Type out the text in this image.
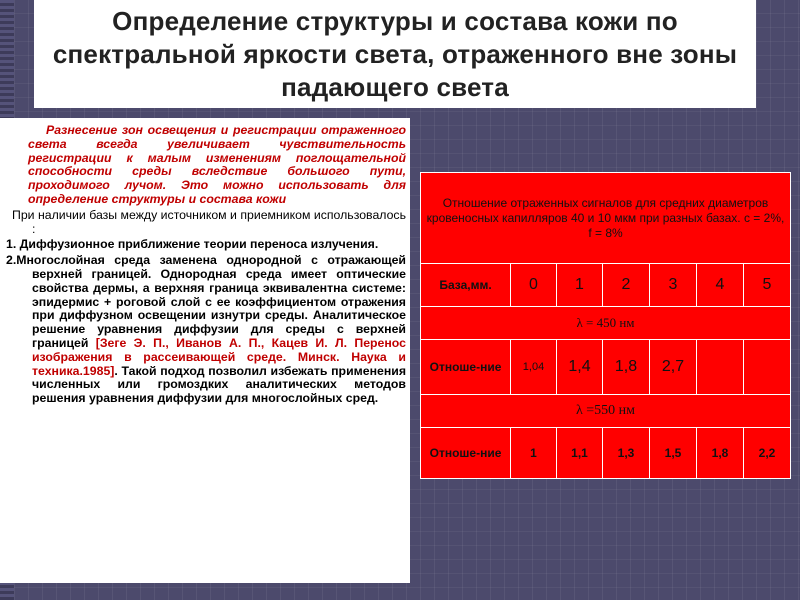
Определение структуры и состава кожи по спектральной яркости света, отраженного вне зоны падающего света

Разнесение зон освещения и регистрации отраженного света всегда увеличивает чувствительность регистрации к малым изменениям поглощательной способности среды вследствие большого пути, проходимого лучом. Это можно использовать для определение структуры и состава кожи

При наличии базы между источником и приемником использовалось :

1. Диффузионное приближение теории переноса излучения.

2.Многослойная среда заменена однородной с отражающей верхней границей. Однородная среда имеет оптические свойства дермы, а верхняя граница эквивалентна системе: эпидермис + роговой слой с ее коэффициентом отражения при диффузном освещении изнутри среды. Аналитическое решение уравнения диффузии для среды с верхней границей [Зеге Э. П., Иванов А. П., Кацев И. Л. Перенос изображения в рассеивающей среде. Минск. Наука и техника.1985]. Такой подход позволил избежать применения численных или громоздких аналитических методов решения уравнения диффузии для многослойных сред.

Отношение отраженных сигналов для средних диаметров кровеносных капилляров 40 и 10 мкм при разных базах. c = 2%, f = 8%						
База,мм.	0	1	2	3	4	5
λ = 450 нм						
Отноше-ние	1,04	1,4	1,8	2,7		
λ =550 нм						
Отноше-ние	1	1,1	1,3	1,5	1,8	2,2
